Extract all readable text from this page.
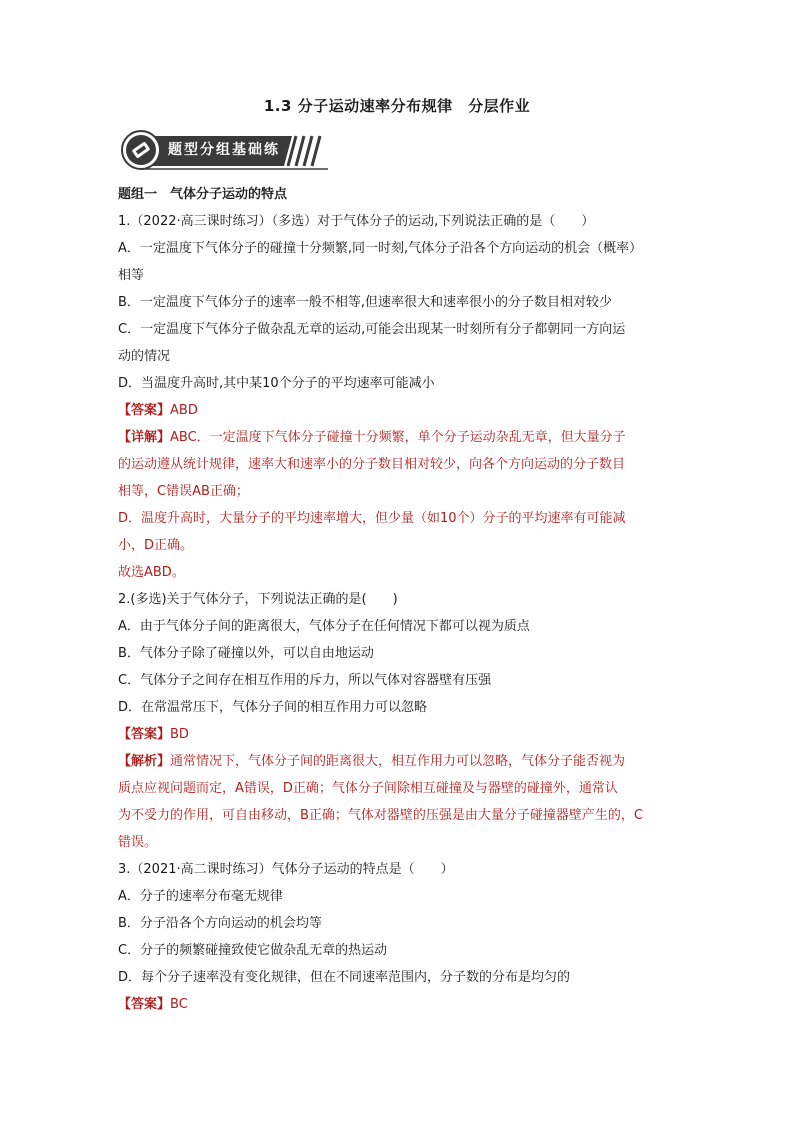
1.3 分子运动速率分布规律　分层作业
题型分组基础练
题组一　气体分子运动的特点
1.（2022·高三课时练习）（多选）对于气体分子的运动,下列说法正确的是（　　）
A．一定温度下气体分子的碰撞十分频繁,同一时刻,气体分子沿各个方向运动的机会（概率）
相等
B．一定温度下气体分子的速率一般不相等,但速率很大和速率很小的分子数目相对较少
C．一定温度下气体分子做杂乱无章的运动,可能会出现某一时刻所有分子都朝同一方向运
动的情况
D．当温度升高时,其中某10个分子的平均速率可能减小
【答案】ABD
【详解】ABC．一定温度下气体分子碰撞十分频繁，单个分子运动杂乱无章，但大量分子
的运动遵从统计规律，速率大和速率小的分子数目相对较少，向各个方向运动的分子数目
相等，C错误AB正确；
D．温度升高时，大量分子的平均速率增大，但少量（如10个）分子的平均速率有可能减
小，D正确。
故选ABD。
2.(多选)关于气体分子，下列说法正确的是(　　)
A．由于气体分子间的距离很大，气体分子在任何情况下都可以视为质点
B．气体分子除了碰撞以外，可以自由地运动
C．气体分子之间存在相互作用的斥力，所以气体对容器壁有压强
D．在常温常压下，气体分子间的相互作用力可以忽略
【答案】BD
【解析】通常情况下，气体分子间的距离很大，相互作用力可以忽略，气体分子能否视为
质点应视问题而定，A错误，D正确；气体分子间除相互碰撞及与器壁的碰撞外，通常认
为不受力的作用，可自由移动，B正确；气体对器壁的压强是由大量分子碰撞器壁产生的，C
错误。
3.（2021·高二课时练习）气体分子运动的特点是（　　）
A．分子的速率分布毫无规律
B．分子沿各个方向运动的机会均等
C．分子的频繁碰撞致使它做杂乱无章的热运动
D．每个分子速率没有变化规律，但在不同速率范围内，分子数的分布是均匀的
【答案】BC
